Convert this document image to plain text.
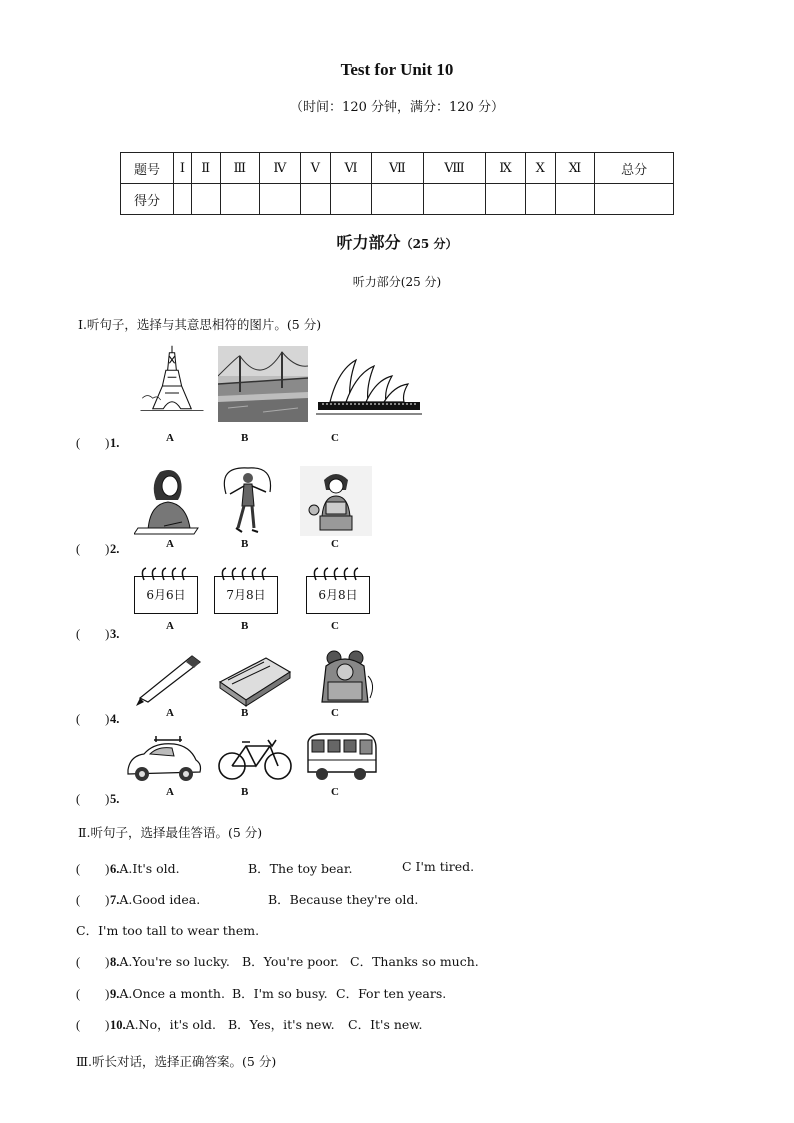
Test for Unit 10
（时间：120 分钟，满分：120 分）
题号	Ⅰ	Ⅱ	Ⅲ	Ⅳ	Ⅴ	Ⅵ	Ⅶ	Ⅷ	Ⅸ	Ⅹ	Ⅺ	总分
得分												
听力部分（25 分）
听力部分(25 分)
Ⅰ.听句子，选择与其意思相符的图片。(5 分)
(　　)1.	A	B	C
(　　)2.	A	B	C
(　　)3.
6月6日	7月8日	6月8日
A	B	C
(　　)4.	A	B	C
(　　)5.	A	B	C
Ⅱ.听句子，选择最佳答语。(5 分)
(　　)6.A.It's old.	B．The toy bear.	C I'm tired.
(　　)7.A.Good idea.	B．Because they're old.
C．I'm too tall to wear them.
(　　)8.A.You're so lucky. B．You're poor. C．Thanks so much.
(　　)9.A.Once a month. B．I'm so busy. C．For ten years.
(　　)10.A.No，it's old. B．Yes，it's new. C．It's new.
Ⅲ.听长对话，选择正确答案。(5 分)
